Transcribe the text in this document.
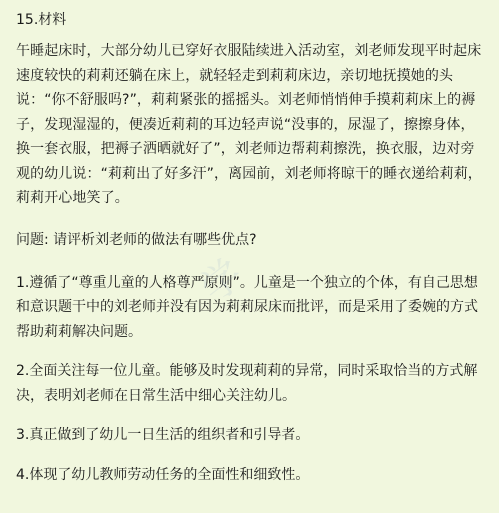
学
15.材料

午睡起床时，大部分幼儿已穿好衣服陆续进入活动室，刘老师发现平时起床速度较快的莉莉还躺在床上，就轻轻走到莉莉床边，亲切地抚摸她的头说：“你不舒服吗?”，莉莉紧张的摇摇头。刘老师悄悄伸手摸莉莉床上的褥子，发现湿湿的，便凑近莉莉的耳边轻声说“没事的，尿湿了，擦擦身体，换一套衣服，把褥子洒晒就好了”，刘老师边帮莉莉擦洗，换衣服，边对旁观的幼儿说：“莉莉出了好多汗”，离园前，刘老师将晾干的睡衣递给莉莉，莉莉开心地笑了。

问题: 请评析刘老师的做法有哪些优点?

1.遵循了“尊重儿童的人格尊严原则”。儿童是一个独立的个体，有自己思想和意识题干中的刘老师并没有因为莉莉尿床而批评，而是采用了委婉的方式帮助莉莉解决问题。

2.全面关注每一位儿童。能够及时发现莉莉的异常，同时采取恰当的方式解决，表明刘老师在日常生活中细心关注幼儿。

3.真正做到了幼儿一日生活的组织者和引导者。

4.体现了幼儿教师劳动任务的全面性和细致性。
